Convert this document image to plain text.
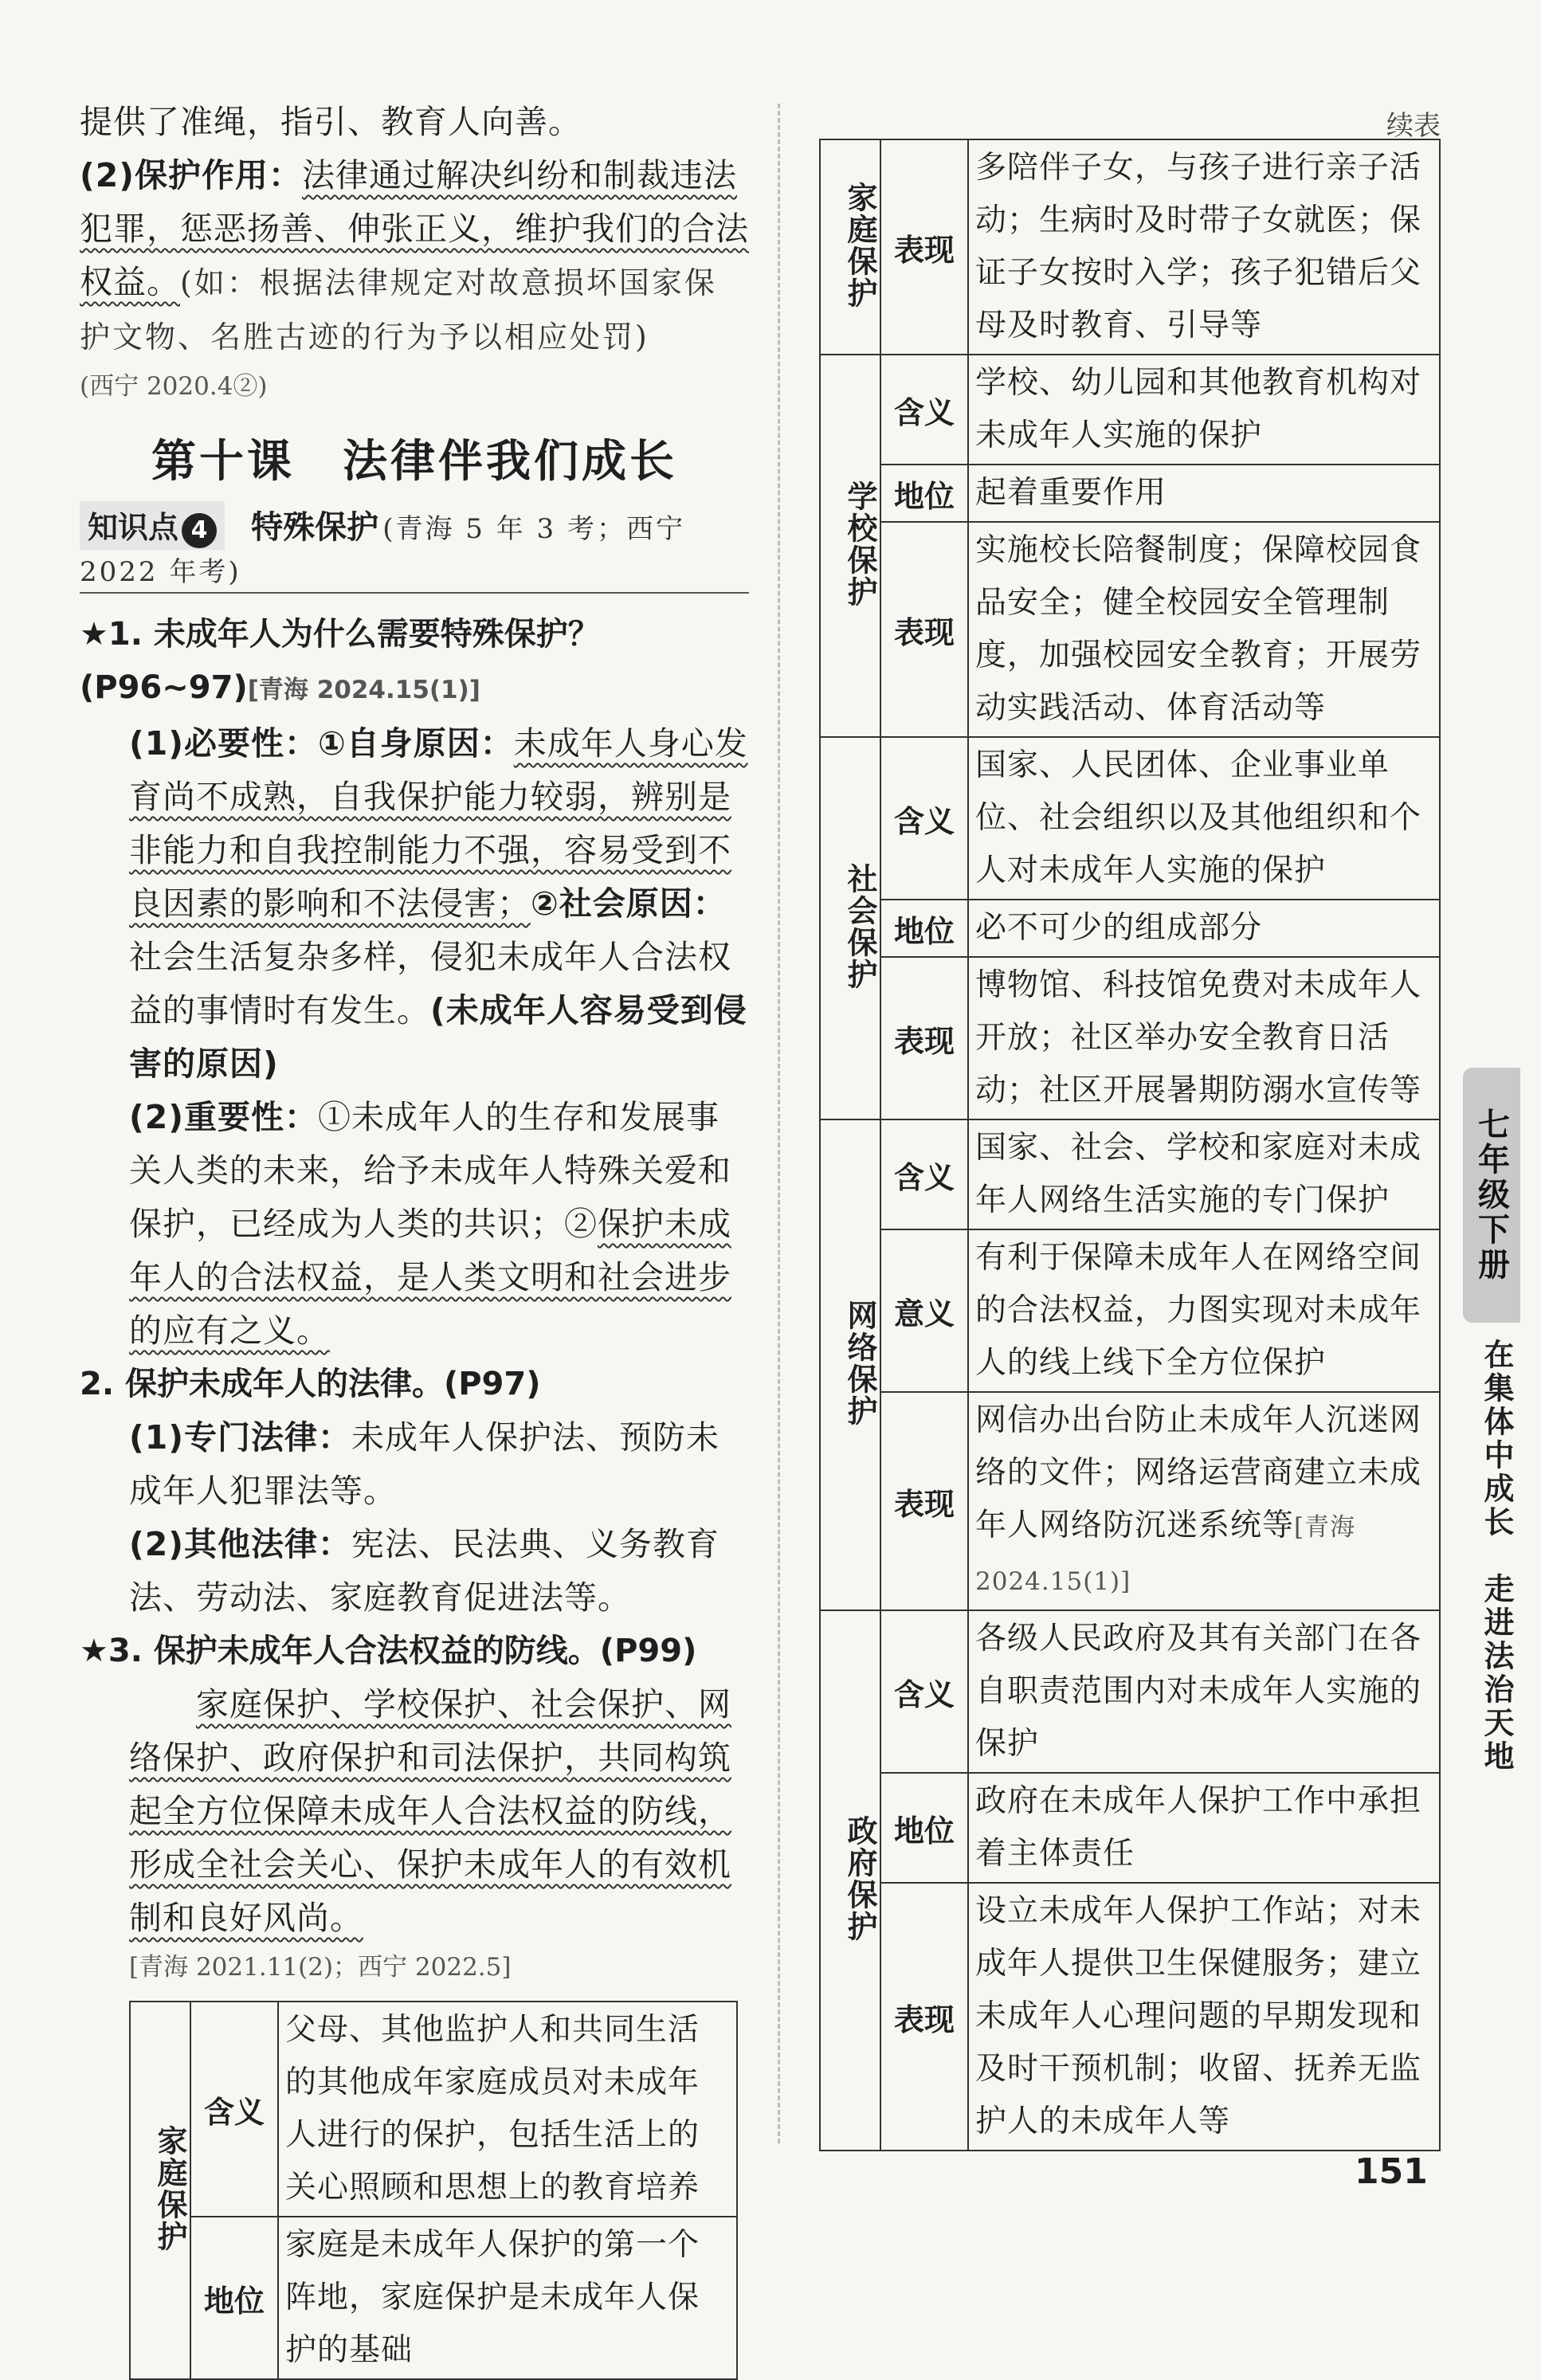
提供了准绳，指引、教育人向善。
(2)保护作用：法律通过解决纠纷和制裁违法犯罪，惩恶扬善、伸张正义，维护我们的合法权益。(如：根据法律规定对故意损坏国家保护文物、名胜古迹的行为予以相应处罚)
(西宁 2020.4②)
第十课　法律伴我们成长
知识点 4 特殊保护 (青海 5 年 3 考；西宁 2022 年考)
★1. 未成年人为什么需要特殊保护？(P96~97)[青海 2024.15(1)]
(1)必要性：①自身原因：未成年人身心发育尚不成熟，自我保护能力较弱，辨别是非能力和自我控制能力不强，容易受到不良因素的影响和不法侵害；②社会原因：社会生活复杂多样，侵犯未成年人合法权益的事情时有发生。(未成年人容易受到侵害的原因)
(2)重要性：①未成年人的生存和发展事关人类的未来，给予未成年人特殊关爱和保护，已经成为人类的共识；②保护未成年人的合法权益，是人类文明和社会进步的应有之义。
2. 保护未成年人的法律。(P97)
(1)专门法律：未成年人保护法、预防未成年人犯罪法等。
(2)其他法律：宪法、民法典、义务教育法、劳动法、家庭教育促进法等。
★3. 保护未成年人合法权益的防线。(P99)
家庭保护、学校保护、社会保护、网络保护、政府保护和司法保护，共同构筑起全方位保障未成年人合法权益的防线，形成全社会关心、保护未成年人的有效机制和良好风尚。
[青海 2021.11(2)；西宁 2022.5]
家庭保护	含义	父母、其他监护人和共同生活的其他成年家庭成员对未成年人进行的保护，包括生活上的关心照顾和思想上的教育培养
	地位	家庭是未成年人保护的第一个阵地，家庭保护是未成年人保护的基础
续表
家庭保护	表现	多陪伴子女，与孩子进行亲子活动；生病时及时带子女就医；保证子女按时入学；孩子犯错后父母及时教育、引导等
学校保护	含义	学校、幼儿园和其他教育机构对未成年人实施的保护
	地位	起着重要作用
	表现	实施校长陪餐制度；保障校园食品安全；健全校园安全管理制度，加强校园安全教育；开展劳动实践活动、体育活动等
社会保护	含义	国家、人民团体、企业事业单位、社会组织以及其他组织和个人对未成年人实施的保护
	地位	必不可少的组成部分
	表现	博物馆、科技馆免费对未成年人开放；社区举办安全教育日活动；社区开展暑期防溺水宣传等
网络保护	含义	国家、社会、学校和家庭对未成年人网络生活实施的专门保护
	意义	有利于保障未成年人在网络空间的合法权益，力图实现对未成年人的线上线下全方位保护
	表现	网信办出台防止未成年人沉迷网络的文件；网络运营商建立未成年人网络防沉迷系统等[青海 2024.15(1)]
政府保护	含义	各级人民政府及其有关部门在各自职责范围内对未成年人实施的保护
	地位	政府在未成年人保护工作中承担着主体责任
	表现	设立未成年人保护工作站；对未成年人提供卫生保健服务；建立未成年人心理问题的早期发现和及时干预机制；收留、抚养无监护人的未成年人等
七年级下册
在集体中成长　走进法治天地
151
